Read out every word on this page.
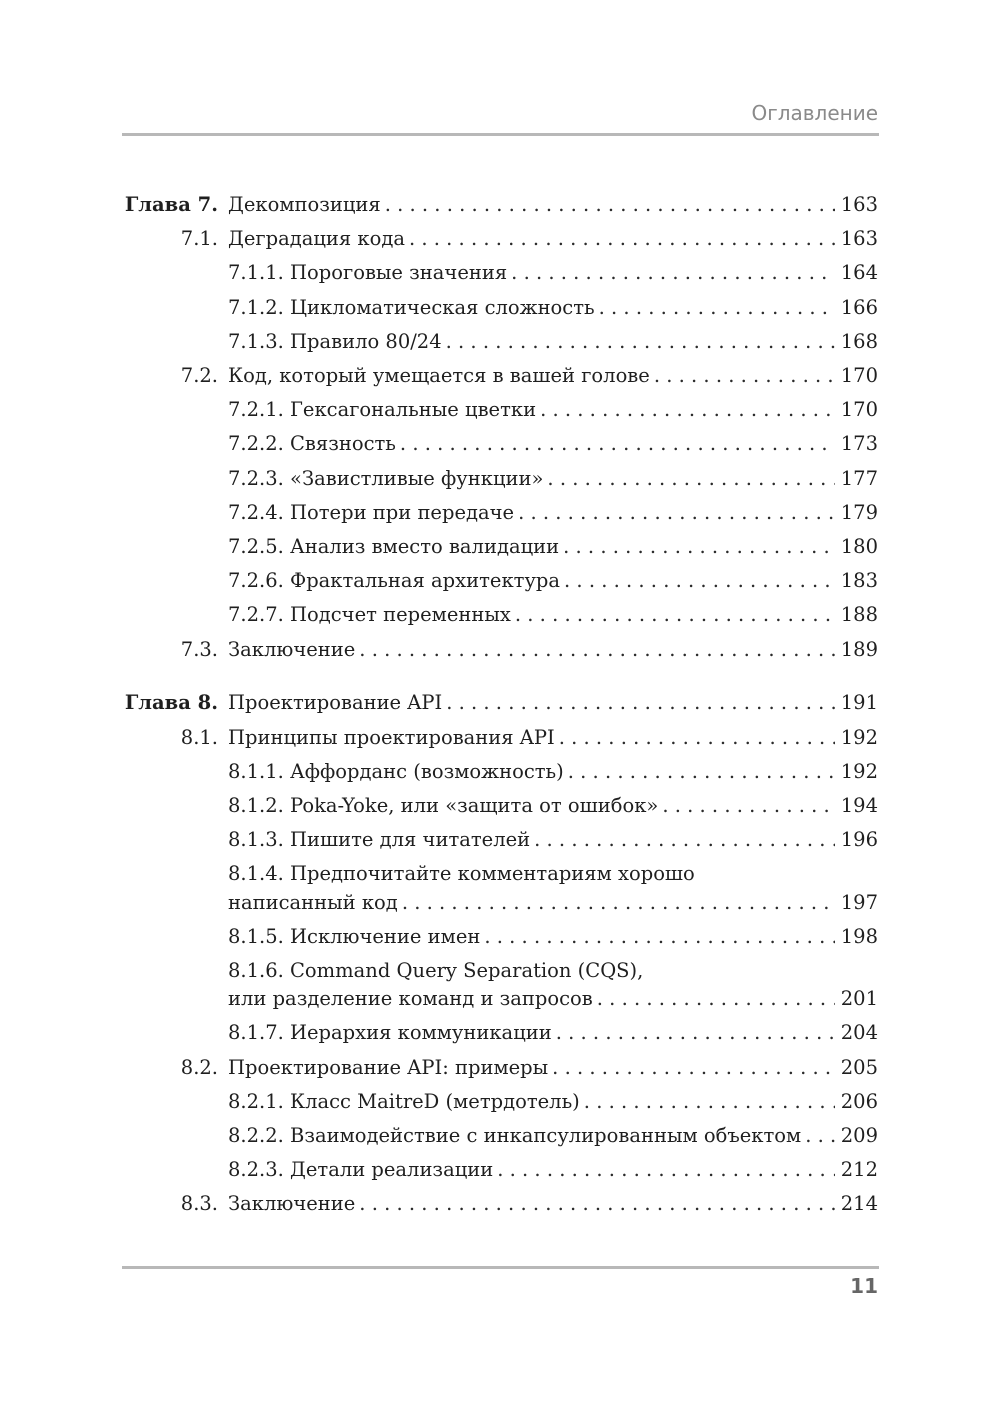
Оглавление
Глава 7. Декомпозиция . . .	163
7.1. Деградация кода . . .	163
7.1.1. Пороговые значения . . .	164
7.1.2. Цикломатическая сложность . . .	166
7.1.3. Правило 80/24 . . .	168
7.2. Код, который умещается в вашей голове . . .	170
7.2.1. Гексагональные цветки . . .	170
7.2.2. Связность . . .	173
7.2.3. «Завистливые функции» . . .	177
7.2.4. Потери при передаче . . .	179
7.2.5. Анализ вместо валидации . . .	180
7.2.6. Фрактальная архитектура . . .	183
7.2.7. Подсчет переменных . . .	188
7.3. Заключение . . .	189
Глава 8. Проектирование API . . .	191
8.1. Принципы проектирования API . . .	192
8.1.1. Аффорданс (возможность) . . .	192
8.1.2. Poka-Yoke, или «защита от ошибок» . . .	194
8.1.3. Пишите для читателей . . .	196
8.1.4. Предпочитайте комментариям хорошо
написанный код . . .	197
8.1.5. Исключение имен . . .	198
8.1.6. Command Query Separation (CQS),
или разделение команд и запросов . . .	201
8.1.7. Иерархия коммуникации . . .	204
8.2. Проектирование API: примеры . . .	205
8.2.1. Класс MaitreD (метрдотель) . . .	206
8.2.2. Взаимодействие с инкапсулированным объектом . . . 209
8.2.3. Детали реализации . . .	212
8.3. Заключение . . .	214
11
